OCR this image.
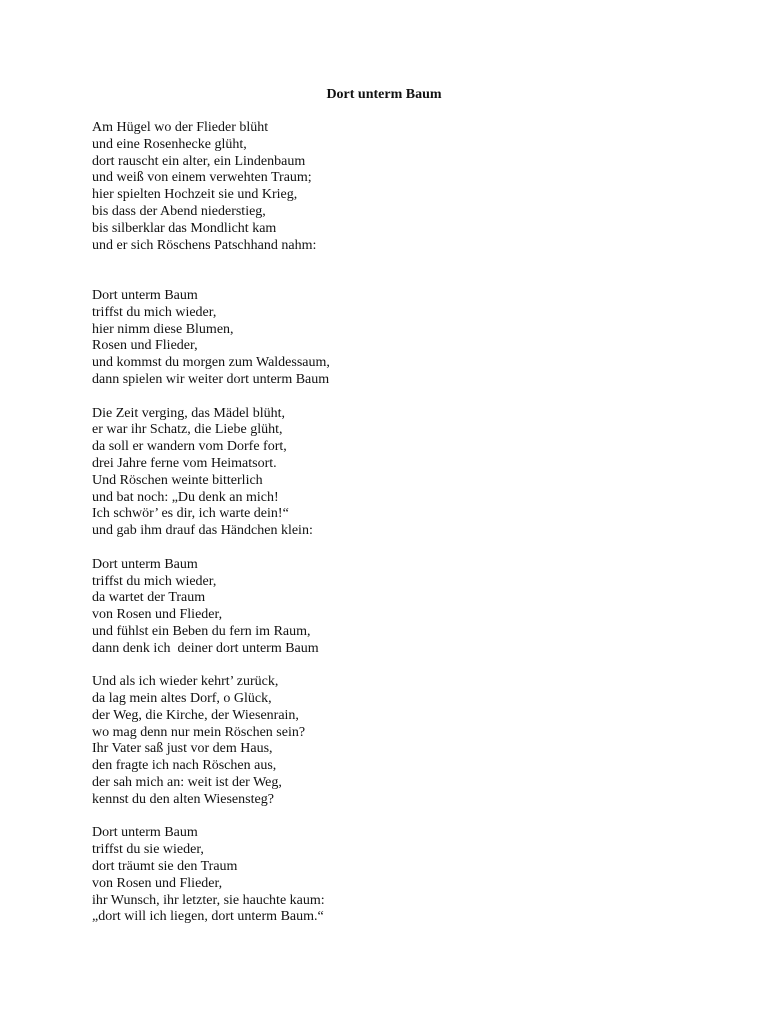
Dort unterm Baum
Am Hügel wo der Flieder blüht
und eine Rosenhecke glüht,
dort rauscht ein alter, ein Lindenbaum
und weiß von einem verwehten Traum;
hier spielten Hochzeit sie und Krieg,
bis dass der Abend niederstieg,
bis silberklar das Mondlicht kam
und er sich Röschens Patschhand nahm:
Dort unterm Baum
triffst du mich wieder,
hier nimm diese Blumen,
Rosen und Flieder,
und kommst du morgen zum Waldessaum,
dann spielen wir weiter dort unterm Baum
Die Zeit verging, das Mädel blüht,
er war ihr Schatz, die Liebe glüht,
da soll er wandern vom Dorfe fort,
drei Jahre ferne vom Heimatsort.
Und Röschen weinte bitterlich
und bat noch: „Du denk an mich!
Ich schwör’ es dir, ich warte dein!“
und gab ihm drauf das Händchen klein:
Dort unterm Baum
triffst du mich wieder,
da wartet der Traum
von Rosen und Flieder,
und fühlst ein Beben du fern im Raum,
dann denk ich  deiner dort unterm Baum
Und als ich wieder kehrt’ zurück,
da lag mein altes Dorf, o Glück,
der Weg, die Kirche, der Wiesenrain,
wo mag denn nur mein Röschen sein?
Ihr Vater saß just vor dem Haus,
den fragte ich nach Röschen aus,
der sah mich an: weit ist der Weg,
kennst du den alten Wiesensteg?
Dort unterm Baum
triffst du sie wieder,
dort träumt sie den Traum
von Rosen und Flieder,
ihr Wunsch, ihr letzter, sie hauchte kaum:
„dort will ich liegen, dort unterm Baum.“
